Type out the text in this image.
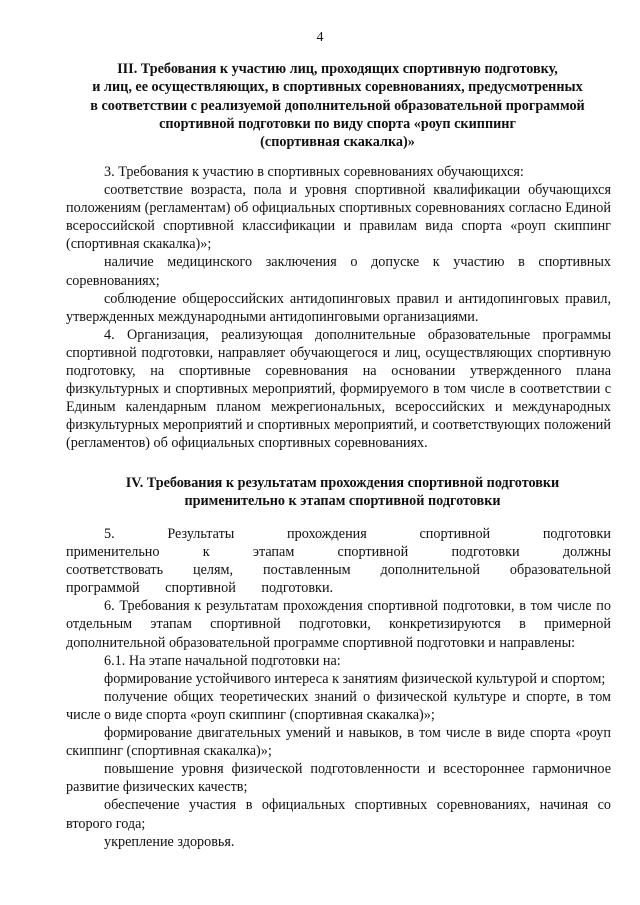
4
III. Требования к участию лиц, проходящих спортивную подготовку,
и лиц, ее осуществляющих, в спортивных соревнованиях, предусмотренных
в соответствии с реализуемой дополнительной образовательной программой
спортивной подготовки по виду спорта «роуп скиппинг
(спортивная скакалка)»

3. Требования к участию в спортивных соревнованиях обучающихся:

соответствие возраста, пола и уровня спортивной квалификации обучающихся положениям (регламентам) об официальных спортивных соревнованиях согласно Единой всероссийской спортивной классификации и правилам вида спорта «роуп скиппинг (спортивная скакалка)»;

наличие медицинского заключения о допуске к участию в спортивных соревнованиях;

соблюдение общероссийских антидопинговых правил и антидопинговых правил, утвержденных международными антидопинговыми организациями.

4. Организация, реализующая дополнительные образовательные программы спортивной подготовки, направляет обучающегося и лиц, осуществляющих спортивную подготовку, на спортивные соревнования на основании утвержденного плана физкультурных и спортивных мероприятий, формируемого в том числе в соответствии с Единым календарным планом межрегиональных, всероссийских и международных физкультурных мероприятий и спортивных мероприятий, и соответствующих положений (регламентов) об официальных спортивных соревнованиях.

IV. Требования к результатам прохождения спортивной подготовки
применительно к этапам спортивной подготовки

5. Результаты прохождения спортивной подготовки применительно к этапам спортивной подготовки должны соответствовать целям, поставленным дополнительной образовательной программой спортивной подготовки.

6. Требования к результатам прохождения спортивной подготовки, в том числе по отдельным этапам спортивной подготовки, конкретизируются в примерной дополнительной образовательной программе спортивной подготовки и направлены:

6.1. На этапе начальной подготовки на:

формирование устойчивого интереса к занятиям физической культурой и спортом;

получение общих теоретических знаний о физической культуре и спорте, в том числе о виде спорта «роуп скиппинг (спортивная скакалка)»;

формирование двигательных умений и навыков, в том числе в виде спорта «роуп скиппинг (спортивная скакалка)»;

повышение уровня физической подготовленности и всестороннее гармоничное развитие физических качеств;

обеспечение участия в официальных спортивных соревнованиях, начиная со второго года;

укрепление здоровья.
